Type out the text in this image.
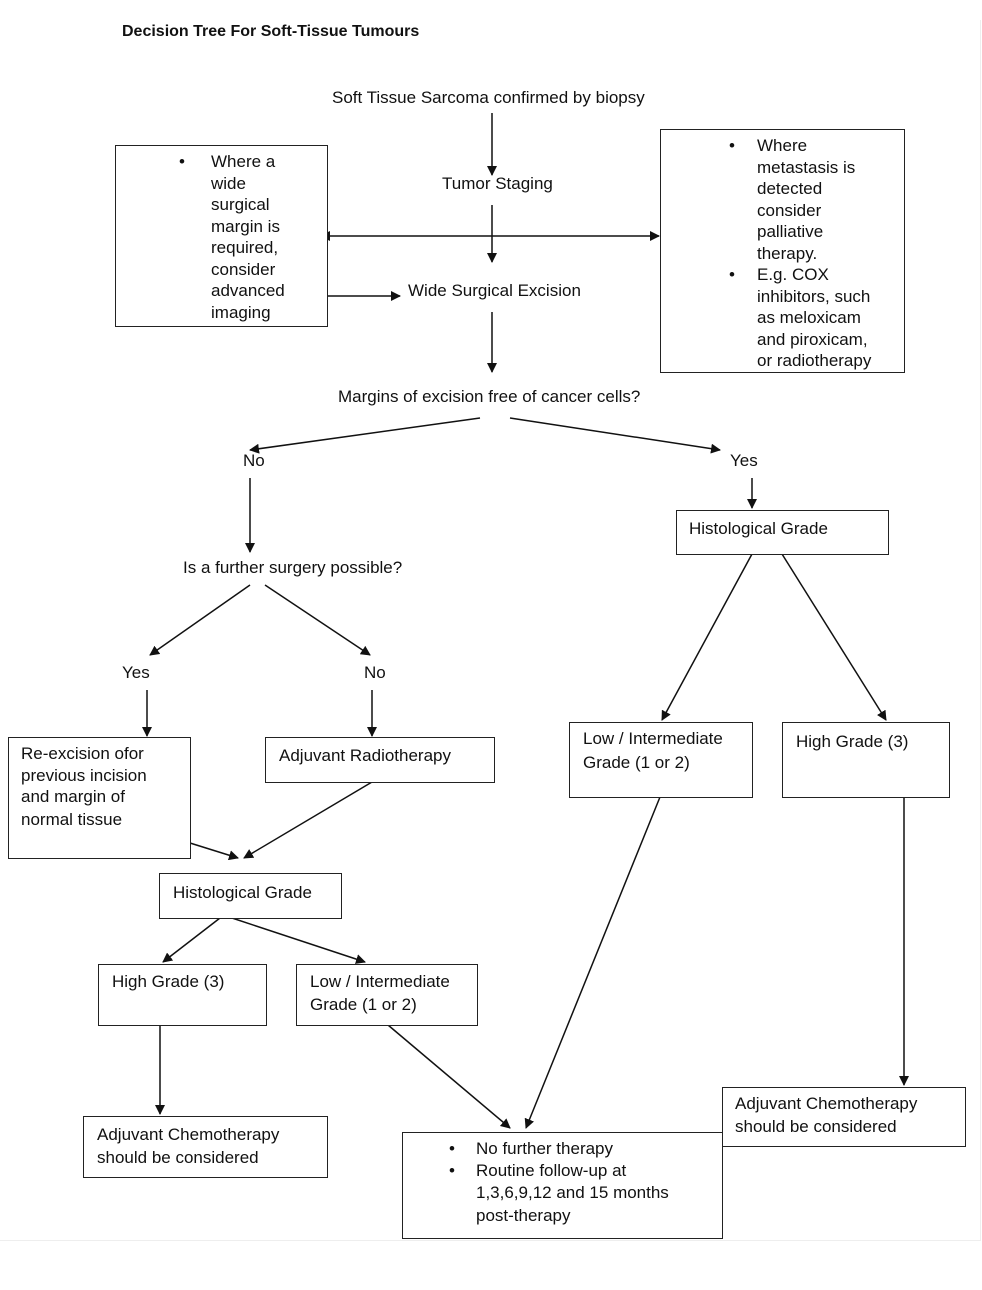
Decision Tree For Soft-Tissue Tumours
Soft Tissue Sarcoma confirmed by biopsy
Tumor Staging
Wide Surgical Excision
Margins of excision free of cancer cells?
No	Yes
Is a further surgery possible?
Yes	No
• Where a
wide
surgical
margin is
required,
consider
advanced
imaging
• Where
metastasis is
detected
consider
palliative
therapy.
• E.g. COX
inhibitors, such
as meloxicam
and piroxicam,
or radiotherapy
Re-excision ofor
previous incision
and margin of
normal tissue
Adjuvant Radiotherapy
Histological Grade
High Grade (3)	Low / Intermediate
Grade (1 or 2)
Adjuvant Chemotherapy
should be considered	• No further therapy
• Routine follow-up at
1,3,6,9,12 and 15 months
post-therapy
Histological Grade
Low / Intermediate
Grade (1 or 2)
High Grade (3)
Adjuvant Chemotherapy
should be considered
